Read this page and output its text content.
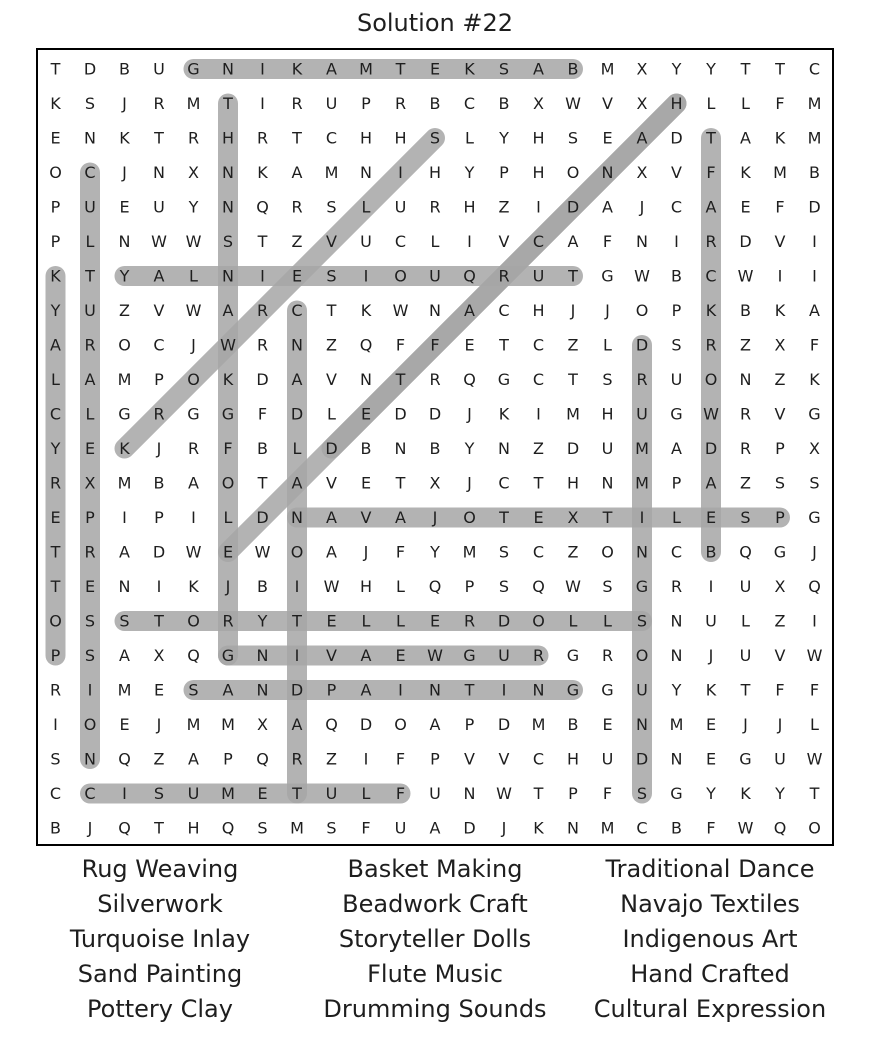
Solution #22
T D B U G N I K A M T E K S A B M X Y Y T T C
K S J R M T I R U P R B C B X W V X H L L F M
E N K T R H R T C H H S L Y H S E A D T A K M
O C J N X N K A M N I H Y P H O N X V F K M B
P U E U Y N Q R S L U R H Z I D A J C A E F D
P L N W W S T Z V U C L I V C A F N I R D V I
K T Y A L N I E S I O U Q R U T G W B C W I I
Y U Z V W A R C T K W N A C H J J O P K B K A
A R O C J W R N Z Q F F E T C Z L D S R Z X F
L A M P O K D A V N T R Q G C T S R U O N Z K
C L G R G G F D L E D D J K I M H U G W R V G
Y E K J R F B L D B N B Y N Z D U M A D R P X
R X M B A O T A V E T X J C T H N M P A Z S S
E P I P I L D N A V A J O T E X T I L E S P G
T R A D W E W O A J F Y M S C Z O N C B Q G J
T E N I K J B I W H L Q P S Q W S G R I U X Q
O S S T O R Y T E L L E R D O L L S N U L Z I
P S A X Q G N I V A E W G U R G R O N J U V W
R I M E S A N D P A I N T I N G G U Y K T F F
I O E J M M X A Q D O A P D M B E N M E J J L
S N Q Z A P Q R Z I F P V V C H U D N E G U W
C C I S U M E T U L F U N W T P F S G Y K Y T
B J Q T H Q S M S F U A D J K N M C B F W Q O
Rug Weaving	Basket Making	Traditional Dance
Silverwork	Beadwork Craft	Navajo Textiles
Turquoise Inlay	Storyteller Dolls	Indigenous Art
Sand Painting	Flute Music	Hand Crafted
Pottery Clay	Drumming Sounds	Cultural Expression
